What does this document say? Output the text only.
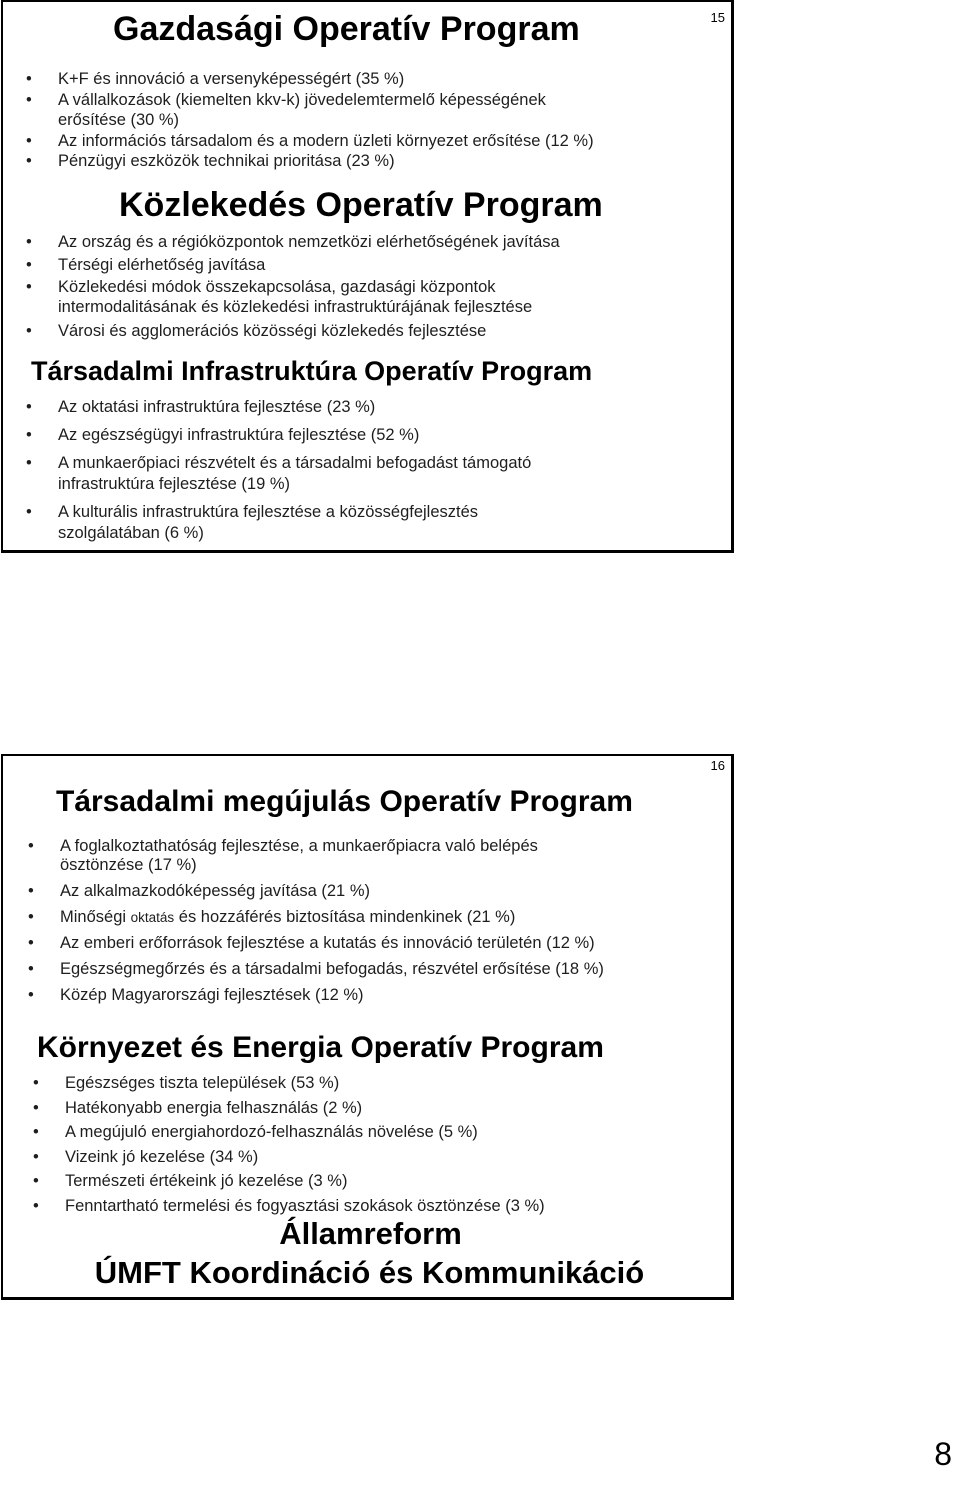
15
Gazdasági Operatív Program
• K+F és innováció a versenyképességért (35 %)
• A vállalkozások (kiemelten kkv-k) jövedelemtermelő képességének
erősítése (30 %)
• Az információs társadalom és a modern üzleti környezet erősítése (12 %)
• Pénzügyi eszközök technikai prioritása (23 %)
Közlekedés Operatív Program
• Az ország és a régióközpontok nemzetközi elérhetőségének javítása
• Térségi elérhetőség javítása
• Közlekedési módok összekapcsolása, gazdasági központok
intermodalitásának és közlekedési infrastruktúrájának fejlesztése
• Városi és agglomerációs közösségi közlekedés fejlesztése
Társadalmi Infrastruktúra Operatív Program
• Az oktatási infrastruktúra fejlesztése (23 %)
• Az egészségügyi infrastruktúra fejlesztése (52 %)
• A munkaerőpiaci részvételt és a társadalmi befogadást támogató
infrastruktúra fejlesztése (19 %)
• A kulturális infrastruktúra fejlesztése a közösségfejlesztés
szolgálatában (6 %)
16
Társadalmi megújulás Operatív Program
• A foglalkoztathatóság fejlesztése, a munkaerőpiacra való belépés
ösztönzése (17 %)
• Az alkalmazkodóképesség javítása (21 %)
• Minőségi oktatás és hozzáférés biztosítása mindenkinek (21 %)
• Az emberi erőforrások fejlesztése a kutatás és innováció területén (12 %)
• Egészségmegőrzés és a társadalmi befogadás, részvétel erősítése (18 %)
• Közép Magyarországi fejlesztések (12 %)
Környezet és Energia Operatív Program
• Egészséges tiszta települések (53 %)
• Hatékonyabb energia felhasználás (2 %)
• A megújuló energiahordozó-felhasználás növelése (5 %)
• Vizeink jó kezelése (34 %)
• Természeti értékeink jó kezelése (3 %)
• Fenntartható termelési és fogyasztási szokások ösztönzése (3 %)
Államreform
ÚMFT Koordináció és Kommunikáció
8
